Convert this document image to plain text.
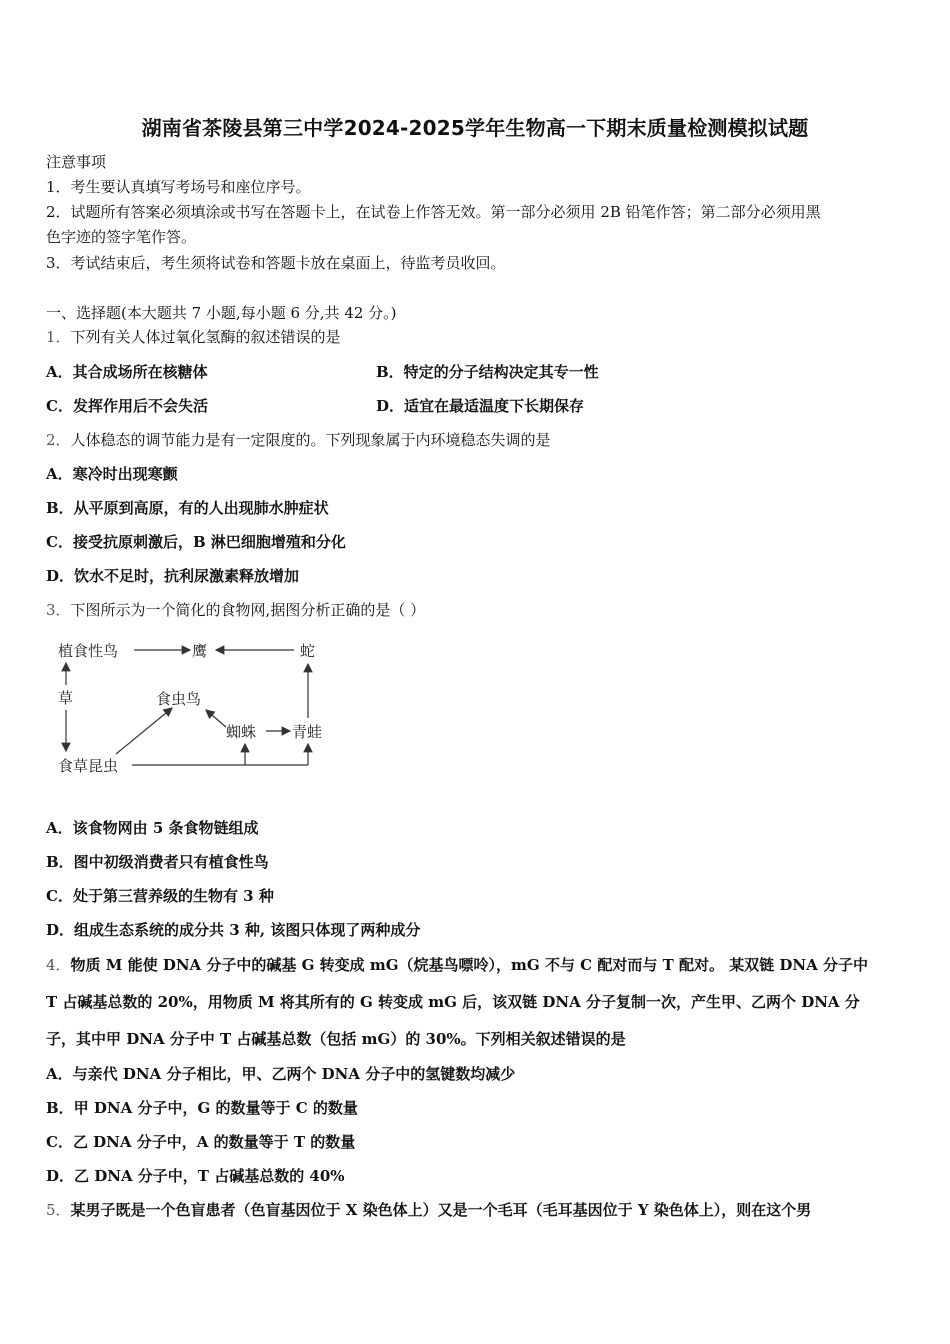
湖南省茶陵县第三中学2024-2025学年生物高一下期末质量检测模拟试题
注意事项
1．考生要认真填写考场号和座位序号。
2．试题所有答案必须填涂或书写在答题卡上，在试卷上作答无效。第一部分必须用 2B 铅笔作答；第二部分必须用黑
色字迹的签字笔作答。
3．考试结束后，考生须将试卷和答题卡放在桌面上，待监考员收回。
一、选择题(本大题共 7 小题,每小题 6 分,共 42 分。)
1．下列有关人体过氧化氢酶的叙述错误的是
A．其合成场所在核糖体	B．特定的分子结构决定其专一性
C．发挥作用后不会失活	D．适宜在最适温度下长期保存
2．人体稳态的调节能力是有一定限度的。下列现象属于内环境稳态失调的是
A．寒冷时出现寒颤
B．从平原到高原，有的人出现肺水肿症状
C．接受抗原刺激后，B 淋巴细胞增殖和分化
D．饮水不足时，抗利尿激素释放增加
3．下图所示为一个简化的食物网,据图分析正确的是（ ）
植食性鸟	鹰	蛇
草	食虫鸟
蜘蛛 青蛙
食草昆虫
A．该食物网由 5 条食物链组成
B．图中初级消费者只有植食性鸟
C．处于第三营养级的生物有 3 种
D．组成生态系统的成分共 3 种, 该图只体现了两种成分
4．物质 M 能使 DNA 分子中的碱基 G 转变成 mG（烷基鸟嘌呤），mG 不与 C 配对而与 T 配对。 某双链 DNA 分子中
T 占碱基总数的 20%，用物质 M 将其所有的 G 转变成 mG 后，该双链 DNA 分子复制一次，产生甲、乙两个 DNA 分
子，其中甲 DNA 分子中 T 占碱基总数（包括 mG）的 30%。下列相关叙述错误的是
A．与亲代 DNA 分子相比，甲、乙两个 DNA 分子中的氢键数均减少
B．甲 DNA 分子中，G 的数量等于 C 的数量
C．乙 DNA 分子中，A 的数量等于 T 的数量
D．乙 DNA 分子中，T 占碱基总数的 40%
5．某男子既是一个色盲患者（色盲基因位于 X 染色体上）又是一个毛耳（毛耳基因位于 Y 染色体上），则在这个男
